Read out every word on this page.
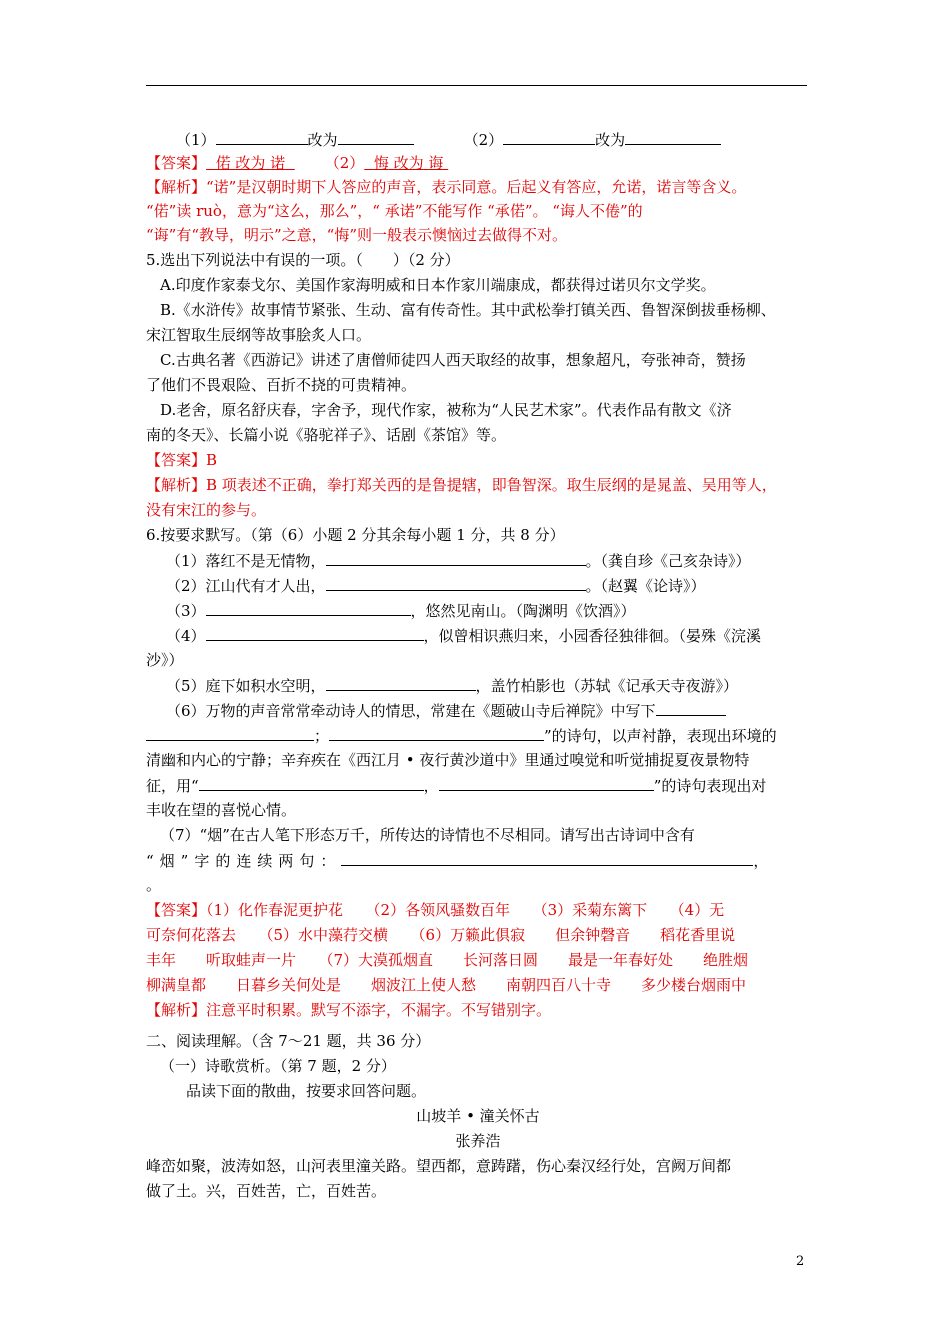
（1）	改为	（2）	改为
【答案】 偌 改为 诺	（2） 悔 改为 诲
【解析】“诺”是汉朝时期下人答应的声音，表示同意。后起义有答应，允诺，诺言等含义。
“偌”读 ruò，意为“这么，那么”，“ 承诺”不能写作 “承偌”。 “诲人不倦”的
“诲”有“教导，明示”之意，“悔”则一般表示懊恼过去做得不对。
5.选出下列说法中有误的一项。（　　）（2 分）
A.印度作家泰戈尔、美国作家海明威和日本作家川端康成，都获得过诺贝尔文学奖。
B.《水浒传》故事情节紧张、生动、富有传奇性。其中武松拳打镇关西、鲁智深倒拔垂杨柳、
宋江智取生辰纲等故事脍炙人口。
C.古典名著《西游记》讲述了唐僧师徒四人西天取经的故事，想象超凡，夸张神奇，赞扬
了他们不畏艰险、百折不挠的可贵精神。
D.老舍，原名舒庆春，字舍予，现代作家，被称为“人民艺术家”。代表作品有散文《济
南的冬天》、长篇小说《骆驼祥子》、话剧《茶馆》等。
【答案】B
【解析】B 项表述不正确，拳打郑关西的是鲁提辖，即鲁智深。取生辰纲的是晁盖、吴用等人，
没有宋江的参与。
6.按要求默写。（第（6）小题 2 分其余每小题 1 分，共 8 分）
（1）落红不是无情物，	。（龚自珍《己亥杂诗》）
（2）江山代有才人出，	。（赵翼《论诗》）
（3）	，悠然见南山。（陶渊明《饮酒》）
（4）	，似曾相识燕归来，小园香径独徘徊。（晏殊《浣溪
沙》）
（5）庭下如积水空明，	，盖竹柏影也（苏轼《记承天寺夜游》）
（6）万物的声音常常牵动诗人的情思，常建在《题破山寺后禅院》中写下
；	”的诗句，以声衬静，表现出环境的
清幽和内心的宁静；辛弃疾在《西江月 • 夜行黄沙道中》里通过嗅觉和听觉捕捉夏夜景物特
征，用“	，	”的诗句表现出对
丰收在望的喜悦心情。
（7）“烟”在古人笔下形态万千，所传达的诗情也不尽相同。请写出古诗词中含有
“烟”字的连续两句：	，
。
【答案】（1）化作春泥更护花　　（2）各领风骚数百年　　（3）采菊东篱下　　（4）无
可奈何花落去　　（5）水中藻荇交横　　（6）万籁此俱寂　　但余钟磬音　　稻花香里说
丰年　　听取蛙声一片　　（7）大漠孤烟直　　长河落日圆　　最是一年春好处　　绝胜烟
柳满皇都　　日暮乡关何处是　　烟波江上使人愁　　南朝四百八十寺　　多少楼台烟雨中
【解析】注意平时积累。默写不添字，不漏字。不写错别字。
二、阅读理解。（含 7～21 题，共 36 分）
（一）诗歌赏析。（第 7 题，2 分）
品读下面的散曲，按要求回答问题。
山坡羊 • 潼关怀古
张养浩
峰峦如聚，波涛如怒，山河表里潼关路。望西都，意踌躇，伤心秦汉经行处，宫阙万间都
做了土。兴，百姓苦，亡，百姓苦。
2
